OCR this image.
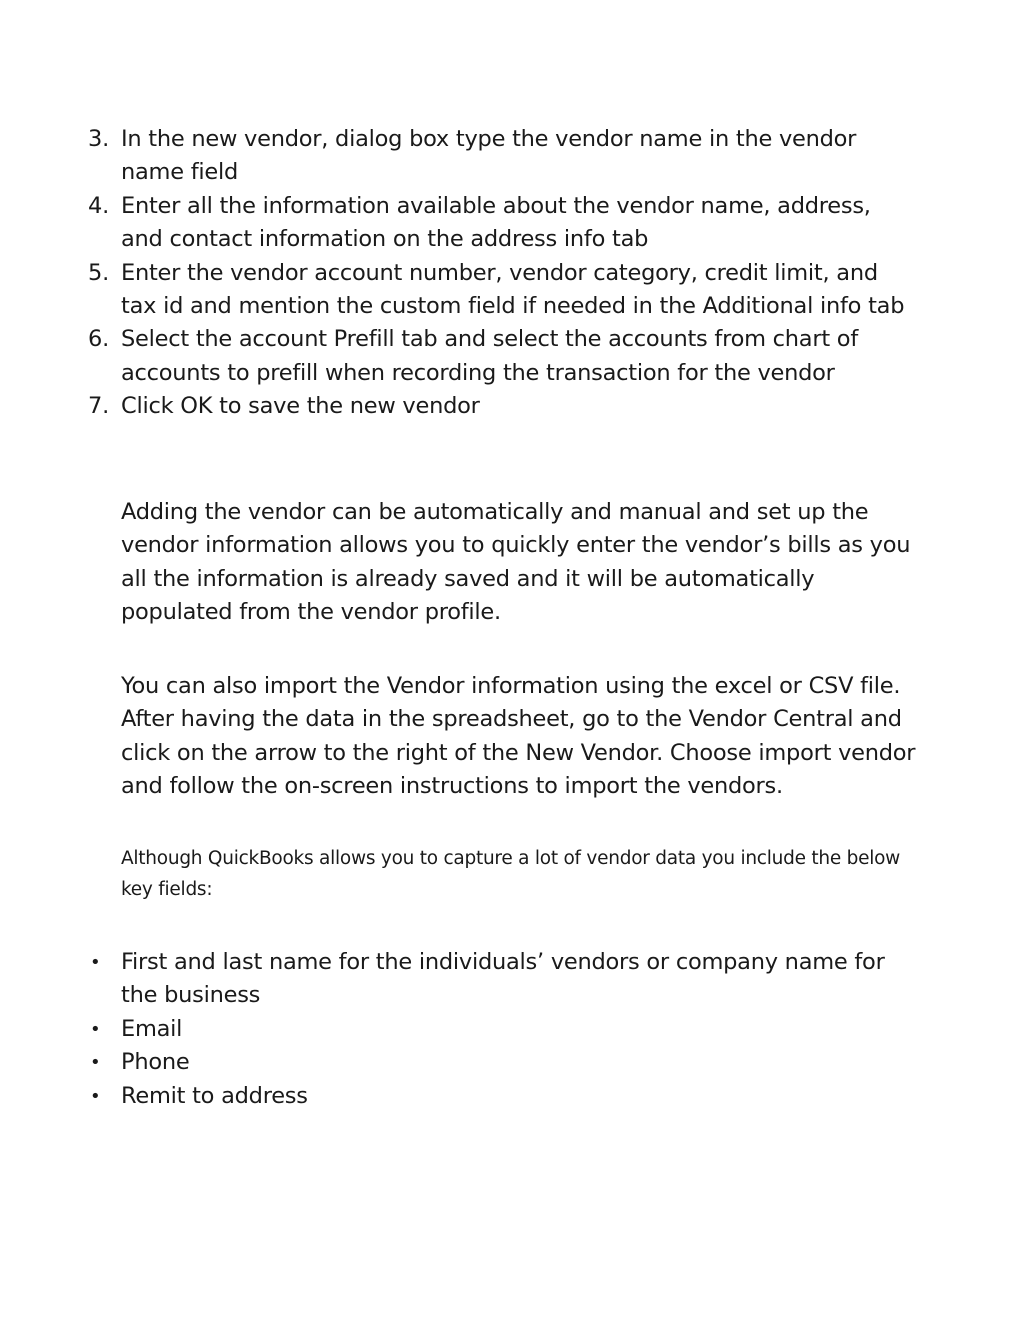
3. In the new vendor, dialog box type the vendor name in the vendor name field
4. Enter all the information available about the vendor name, address, and contact information on the address info tab
5. Enter the vendor account number, vendor category, credit limit, and tax id and mention the custom field if needed in the Additional info tab
6. Select the account Prefill tab and select the accounts from chart of accounts to prefill when recording the transaction for the vendor
7. Click OK to save the new vendor

Adding the vendor can be automatically and manual and set up the vendor information allows you to quickly enter the vendor’s bills as you all the information is already saved and it will be automatically populated from the vendor profile.

You can also import the Vendor information using the excel or CSV file. After having the data in the spreadsheet, go to the Vendor Central and click on the arrow to the right of the New Vendor. Choose import vendor and follow the on-screen instructions to import the vendors.

Although QuickBooks allows you to capture a lot of vendor data you include the below key fields:

• First and last name for the individuals’ vendors or company name for the business
• Email
• Phone
• Remit to address
